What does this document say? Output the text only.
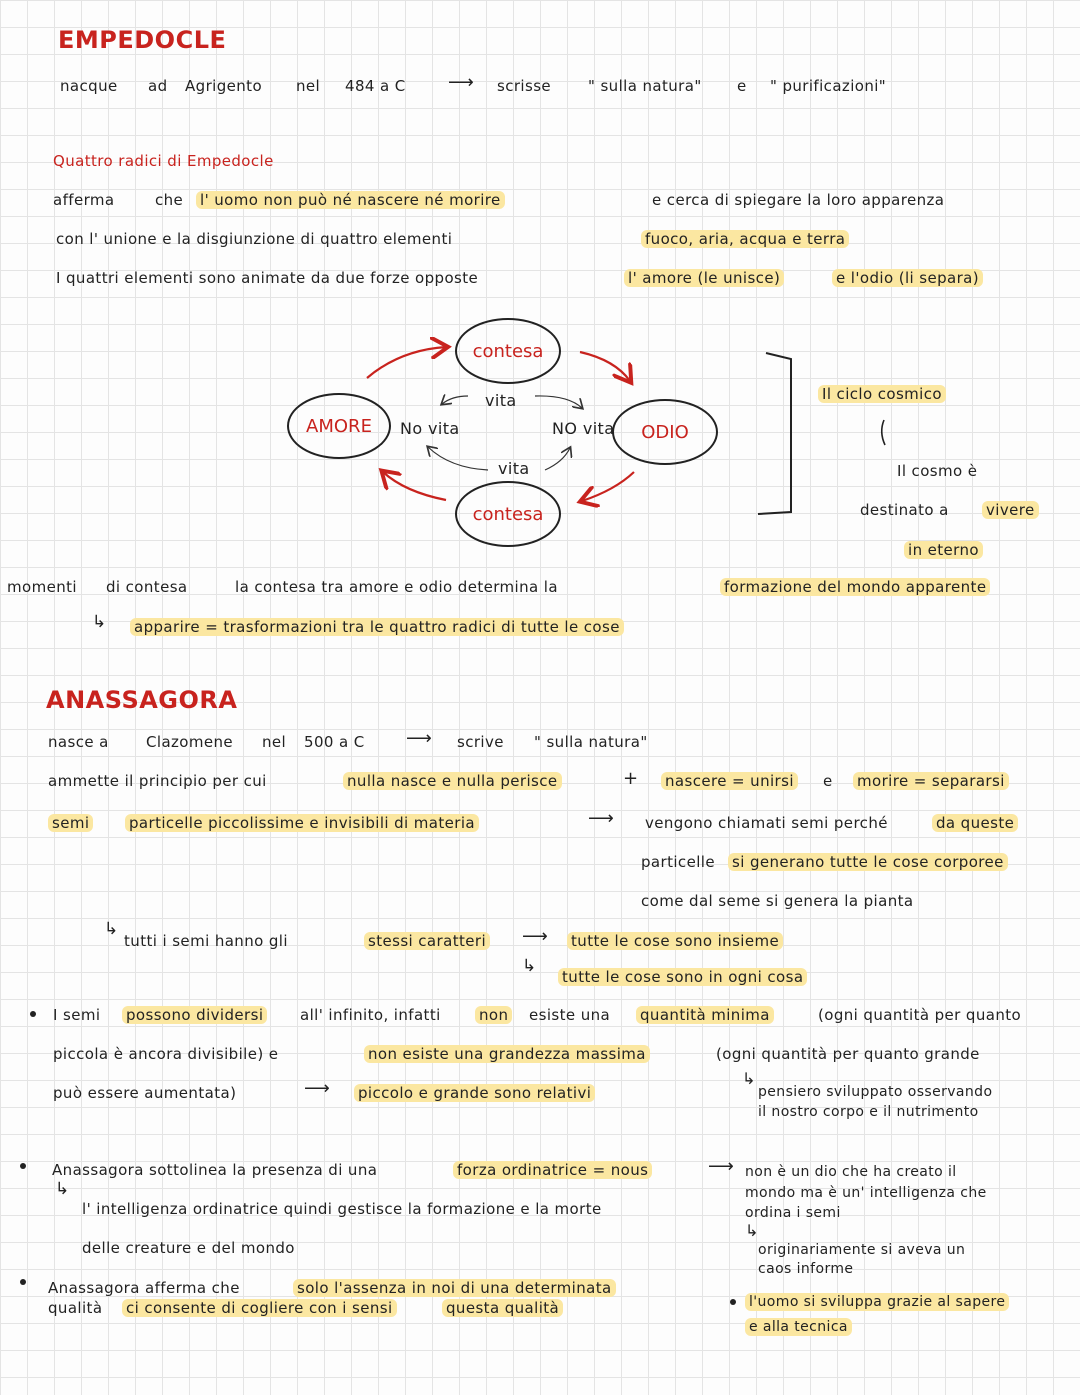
EMPEDOCLE
nacque ad Agrigento nel 484 a C ⟶ scrisse " sulla natura" e " purificazioni"
Quattro radici di Empedocle
afferma	che l' uomo non può né nascere né morire	e cerca di spiegare la loro apparenza
con l' unione e la disgiunzione di quattro elementi	fuoco, aria, acqua e terra
I quattri elementi sono animate da due forze opposte	l' amore (le unisce)	e l'odio (li separa)
contesa
AMORE	ODIO
contesa
vita
vita
No vita	NO vita
Il ciclo cosmico
Il cosmo è
destinato a vivere
in eterno
momenti di contesa	la contesa tra amore e odio determina la	formazione del mondo apparente
↳ apparire = trasformazioni tra le quattro radici di tutte le cose
ANASSAGORA
nasce a Clazomene nel 500 a C ⟶ scrive " sulla natura"
ammette il principio per cui	nulla nasce e nulla perisce	+ nascere = unirsi e morire = separarsi
semi	particelle piccolissime e invisibili di materia	⟶ vengono chiamati semi perché	da queste
particelle si generano tutte le cose corporee
come dal seme si genera la pianta
↳
tutti i semi hanno gli	stessi caratteri ⟶ tutte le cose sono insieme
↳
tutte le cose sono in ogni cosa
I semi possono dividersi all' infinito, infatti	non esiste una quantità minima	(ogni quantità per quanto
piccola è ancora divisibile) e	non esiste una grandezza massima	(ogni quantità per quanto grande
può essere aumentata)	⟶ piccolo e grande sono relativi
↳
pensiero sviluppato osservando
il nostro corpo e il nutrimento
Anassagora sottolinea la presenza di una	forza ordinatrice = nous
↳
l' intelligenza ordinatrice quindi gestisce la formazione e la morte
delle creature e del mondo
⟶ non è un dio che ha creato il
mondo ma è un' intelligenza che
ordina i semi
↳
originariamente si aveva un
caos informe
Anassagora afferma che	solo l'assenza in noi di una determinata
qualità ci consente di cogliere con i sensi	questa qualità	l'uomo si sviluppa grazie al sapere
e alla tecnica
